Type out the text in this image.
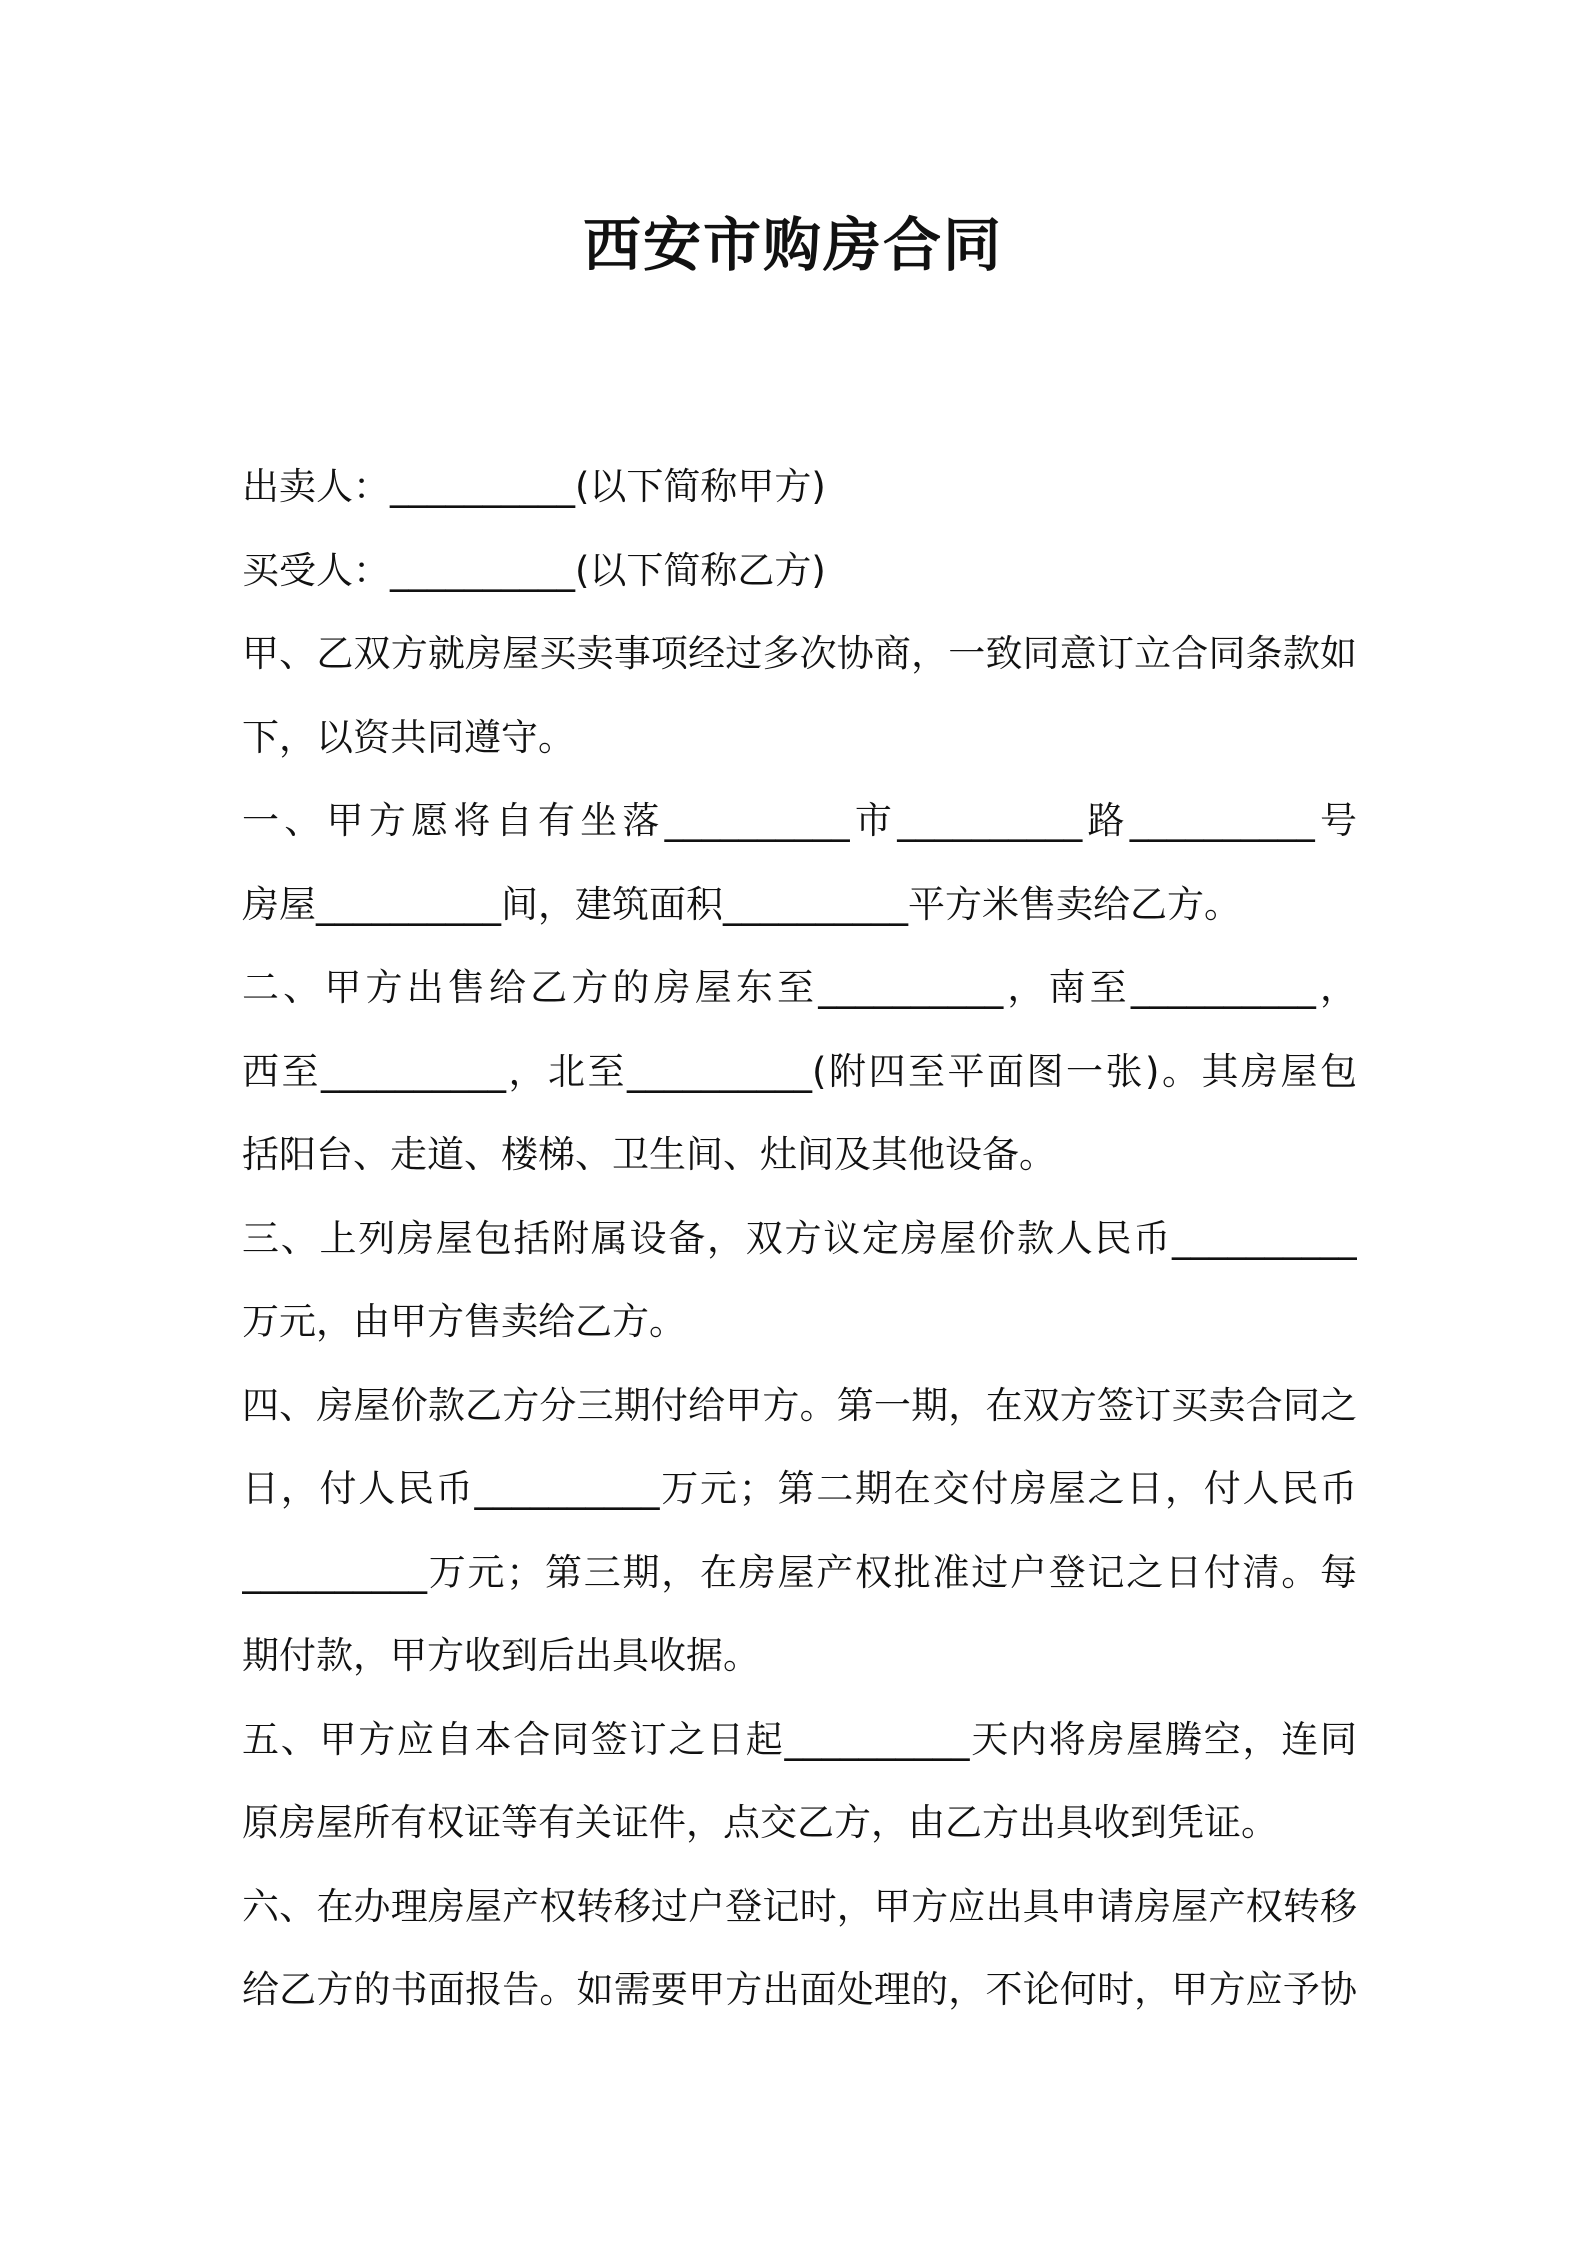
西安市购房合同
出卖人：__________(以下简称甲方)
买受人：__________(以下简称乙方)
甲、乙双方就房屋买卖事项经过多次协商，一致同意订立合同条款如
下，以资共同遵守。
一、甲方愿将自有坐落__________市__________路__________号
房屋__________间，建筑面积__________平方米售卖给乙方。
二、甲方出售给乙方的房屋东至__________，南至__________，
西至__________，北至__________(附四至平面图一张)。其房屋包
括阳台、走道、楼梯、卫生间、灶间及其他设备。
三、上列房屋包括附属设备，双方议定房屋价款人民币__________
万元，由甲方售卖给乙方。
四、房屋价款乙方分三期付给甲方。第一期，在双方签订买卖合同之
日，付人民币__________万元；第二期在交付房屋之日，付人民币
__________万元；第三期，在房屋产权批准过户登记之日付清。每
期付款，甲方收到后出具收据。
五、甲方应自本合同签订之日起__________天内将房屋腾空，连同
原房屋所有权证等有关证件，点交乙方，由乙方出具收到凭证。
六、在办理房屋产权转移过户登记时，甲方应出具申请房屋产权转移
给乙方的书面报告。如需要甲方出面处理的，不论何时，甲方应予协
